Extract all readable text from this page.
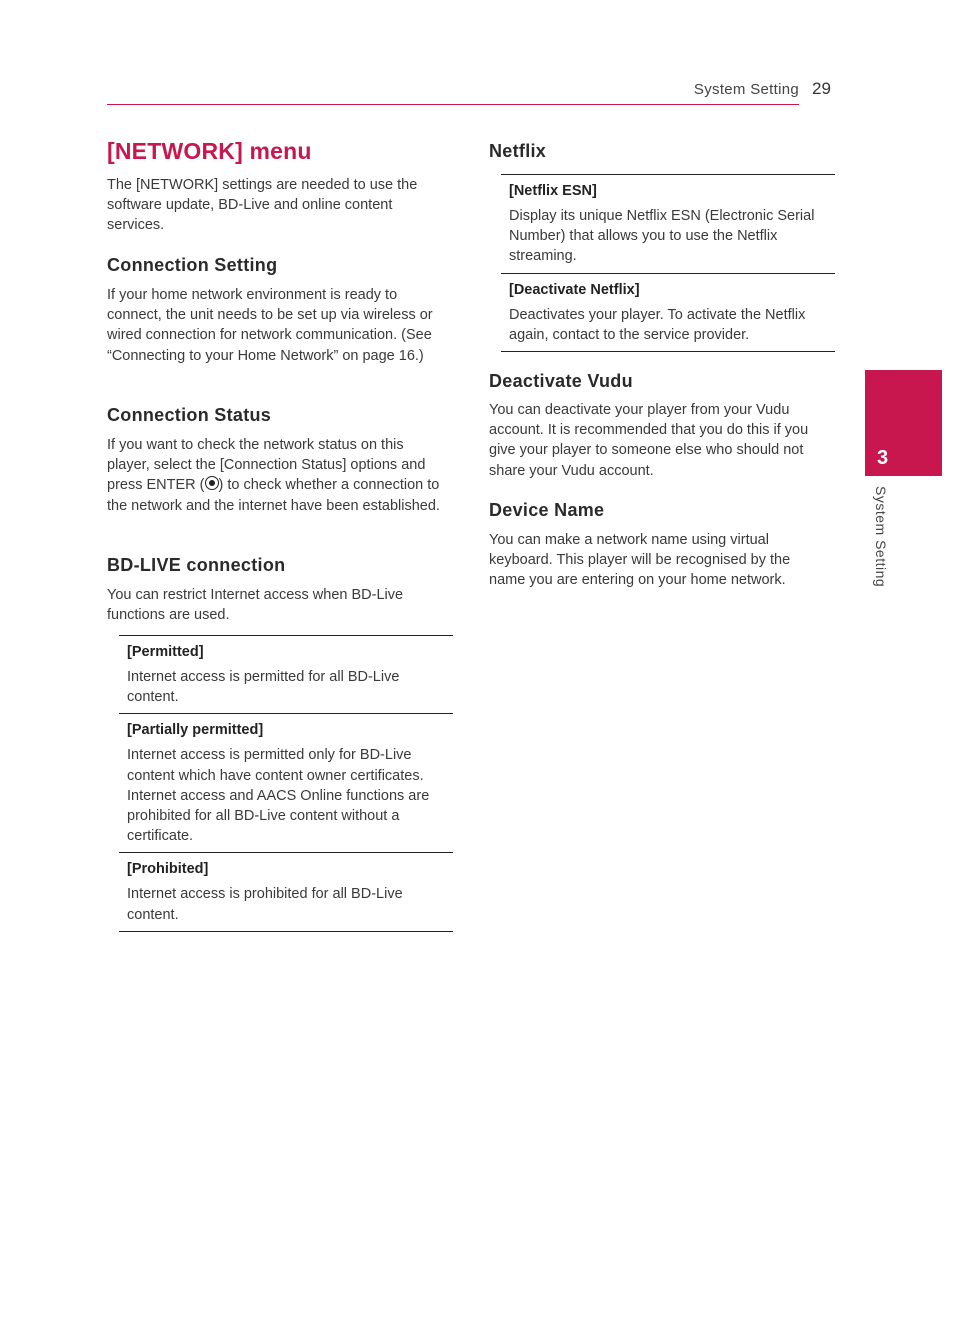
System Setting 29
3
System Setting
[NETWORK] menu

The [NETWORK] settings are needed to use the software update, BD-Live and online content services.

Connection Setting

If your home network environment is ready to connect, the unit needs to be set up via wireless or wired connection for network communication. (See “Connecting to your Home Network” on page 16.)

Connection Status

If you want to check the network status on this player, select the [Connection Status] options and press ENTER ( ) to check whether a connection to the network and the internet have been established.

BD-LIVE connection

You can restrict Internet access when BD-Live functions are used.

[Permitted]
Internet access is permitted for all BD-Live content.
[Partially permitted]
Internet access is permitted only for BD-Live content which have content owner certificates. Internet access and AACS Online functions are prohibited for all BD-Live content without a certificate.
[Prohibited]
Internet access is prohibited for all BD-Live content.
Netflix
[Netflix ESN]
Display its unique Netflix ESN (Electronic Serial Number) that allows you to use the Netflix streaming.
[Deactivate Netflix]
Deactivates your player. To activate the Netflix again, contact to the service provider.
Deactivate Vudu

You can deactivate your player from your Vudu account. It is recommended that you do this if you give your player to someone else who should not share your Vudu account.

Device Name

You can make a network name using virtual keyboard. This player will be recognised by the name you are entering on your home network.
